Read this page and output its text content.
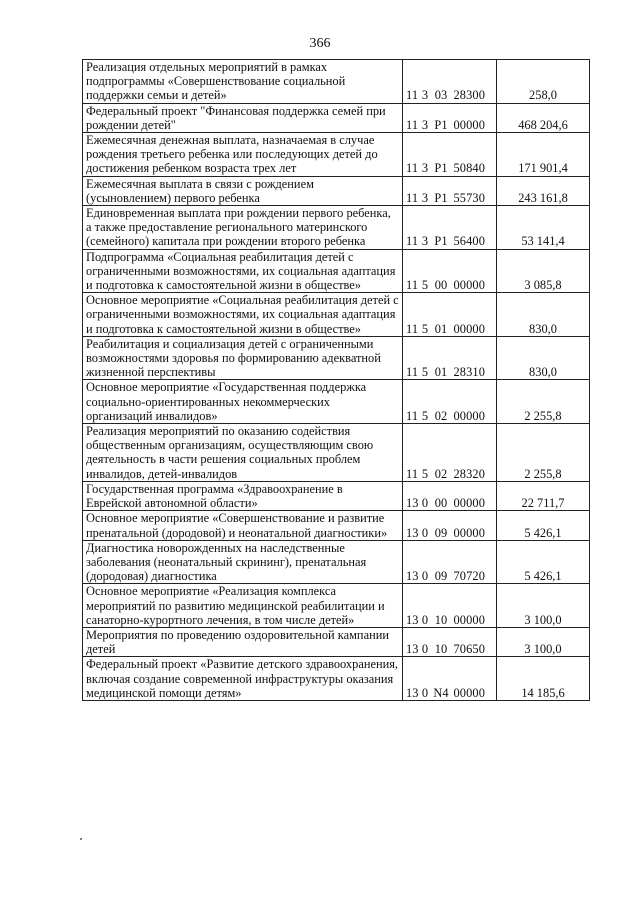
366
Реализация отдельных мероприятий в рамках подпрограммы «Совершенствование социальной поддержки семьи и детей»	11 3 03 28300	258,0
Федеральный проект "Финансовая поддержка семей при рождении детей"	11 3 Р1 00000	468 204,6
Ежемесячная денежная выплата, назначаемая в случае рождения третьего ребенка или последующих детей до достижения ребенком возраста трех лет	11 3 Р1 50840	171 901,4
Ежемесячная выплата в связи с рождением (усыновлением) первого ребенка	11 3 Р1 55730	243 161,8
Единовременная выплата при рождении первого ребенка, а также предоставление регионального материнского (семейного) капитала при рождении второго ребенка	11 3 Р1 56400	53 141,4
Подпрограмма «Социальная реабилитация детей с ограниченными возможностями, их социальная адаптация и подготовка к самостоятельной жизни в обществе»	11 5 00 00000	3 085,8
Основное мероприятие «Социальная реабилитация детей с ограниченными возможностями, их социальная адаптация и подготовка к самостоятельной жизни в обществе»	11 5 01 00000	830,0
Реабилитация и социализация детей с ограниченными возможностями здоровья по формированию адекватной жизненной перспективы	11 5 01 28310	830,0
Основное мероприятие «Государственная поддержка социально-ориентированных некоммерческих организаций инвалидов»	11 5 02 00000	2 255,8
Реализация мероприятий по оказанию содействия общественным организациям, осуществляющим свою деятельность в части решения социальных проблем инвалидов, детей-инвалидов	11 5 02 28320	2 255,8
Государственная программа «Здравоохранение в Еврейской автономной области»	13 0 00 00000	22 711,7
Основное мероприятие «Совершенствование и развитие пренатальной (дородовой) и неонатальной диагностики»	13 0 09 00000	5 426,1
Диагностика новорожденных на наследственные заболевания (неонатальный скрининг), пренатальная (дородовая) диагностика	13 0 09 70720	5 426,1
Основное мероприятие «Реализация комплекса мероприятий по развитию медицинской реабилитации и санаторно-курортного лечения, в том числе детей»	13 0 10 00000	3 100,0
Мероприятия по проведению оздоровительной кампании детей	13 0 10 70650	3 100,0
Федеральный проект «Развитие детского здравоохранения, включая создание современной инфраструктуры оказания медицинской помощи детям»	13 0 N4 00000	14 185,6
